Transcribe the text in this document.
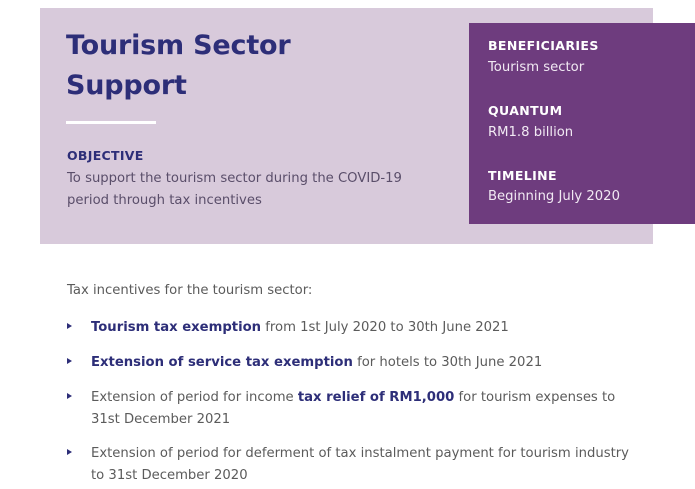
Tourism Sector
Support
OBJECTIVE
To support the tourism sector during the COVID-19
period through tax incentives
BENEFICIARIES
Tourism sector
QUANTUM
RM1.8 billion
TIMELINE
Beginning July 2020
Tax incentives for the tourism sector:
Tourism tax exemption from 1st July 2020 to 30th June 2021
Extension of service tax exemption for hotels to 30th June 2021
Extension of period for income tax relief of RM1,000 for tourism expenses to
31st December 2021
Extension of period for deferment of tax instalment payment for tourism industry
to 31st December 2020
